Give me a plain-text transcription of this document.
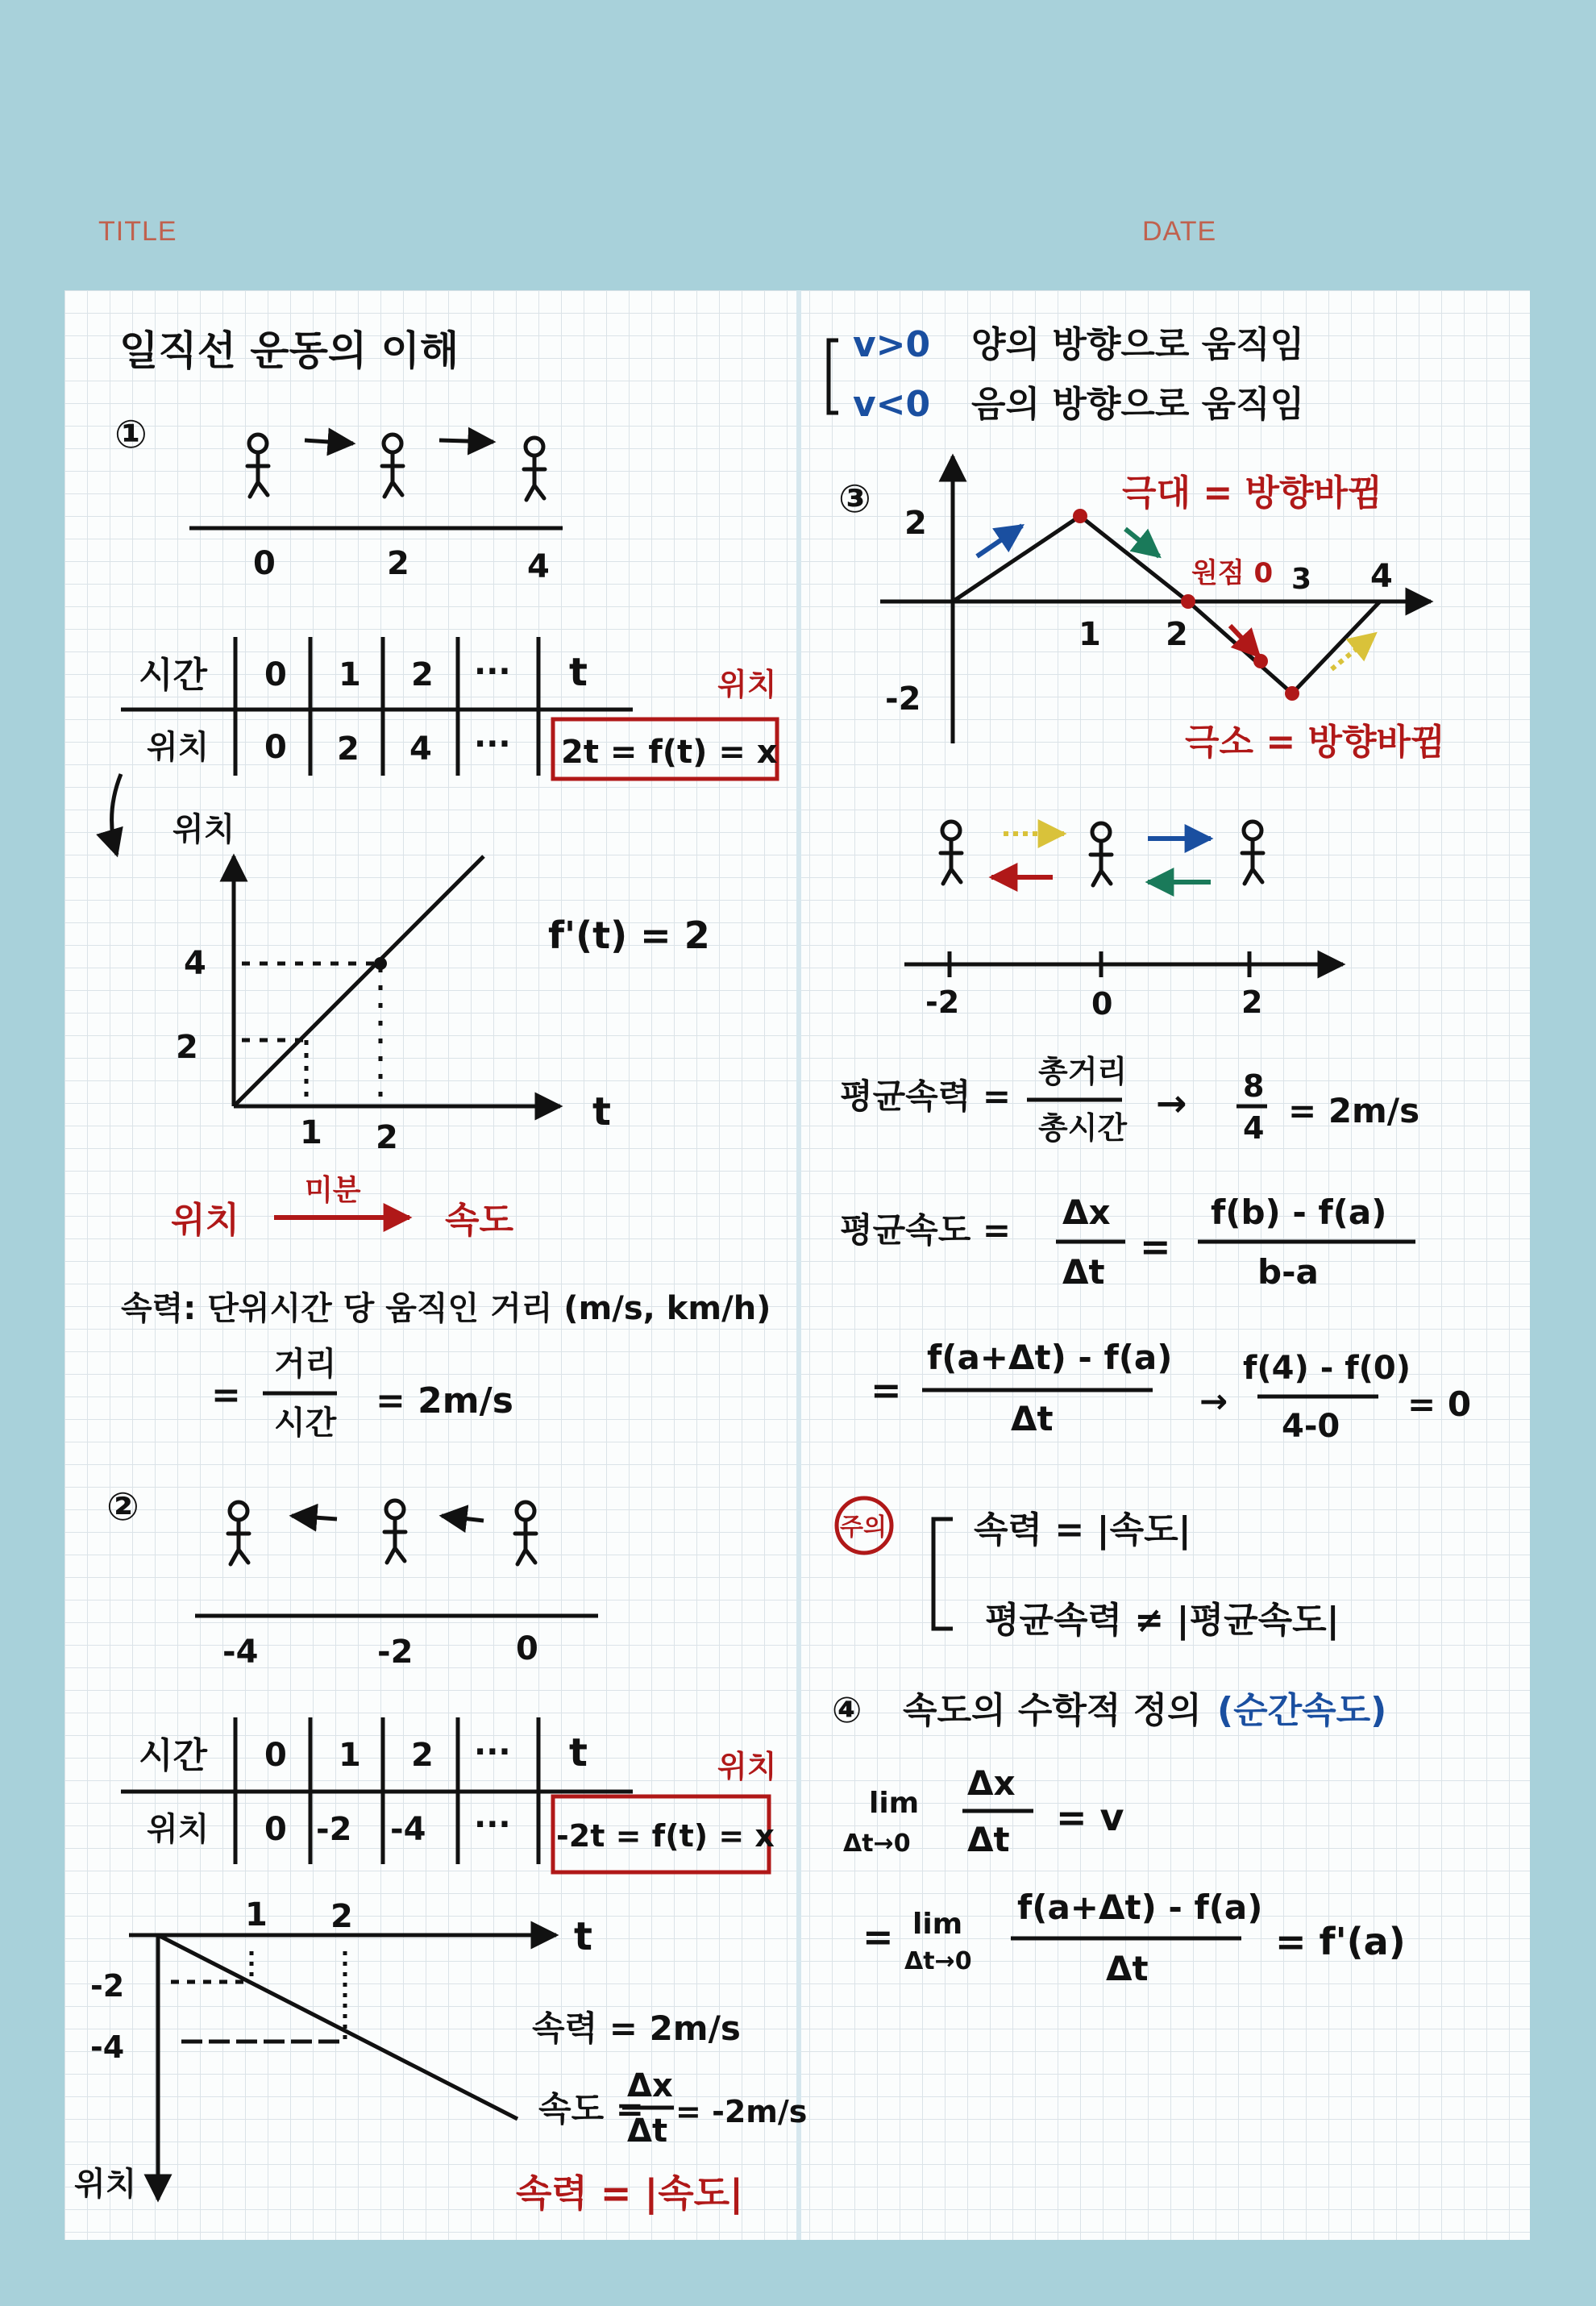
TITLE	DATE
일직선 운동의 이해
①
0	2	4
시간
위치
0 1 2 ··· t
0 2 4 ··· 2t = f(t) = x
위치
위치
t
4
2
1 2
f'(t) = 2
위치
미분
속도
속력: 단위시간 당 움직인 거리 (m/s, km/h)
=
거리
시간
= 2m/s
②
-4	-2	0
시간
위치
0 1 2 ··· t
0 -2 -4 ··· -2t = f(t) = x
위치
t
1 2
-2
-4
위치
속력 = 2m/s
속도 =
Δx
Δt
= -2m/s
속력 = |속도|
v>0 양의 방향으로 움직임
v<0 음의 방향으로 움직임
③
2
-2
1 2
3 4
극대 = 방향바뀜
원점 0
극소 = 방향바뀜
-2	0	2
평균속력 =
총거리
총시간
→ 8
4 = 2m/s
평균속도 = Δx
Δt
=
f(b) - f(a)
b-a
=
f(a+Δt) - f(a)
Δt	→
f(4) - f(0)
4-0
= 0
주의 속력 = |속도|
평균속력 ≠ |평균속도|
④ 속도의 수학적 정의 (순간속도)
lim
Δt→0
Δx
Δt
= v
= lim
Δt→0
f(a+Δt) - f(a)
Δt
= f'(a)
